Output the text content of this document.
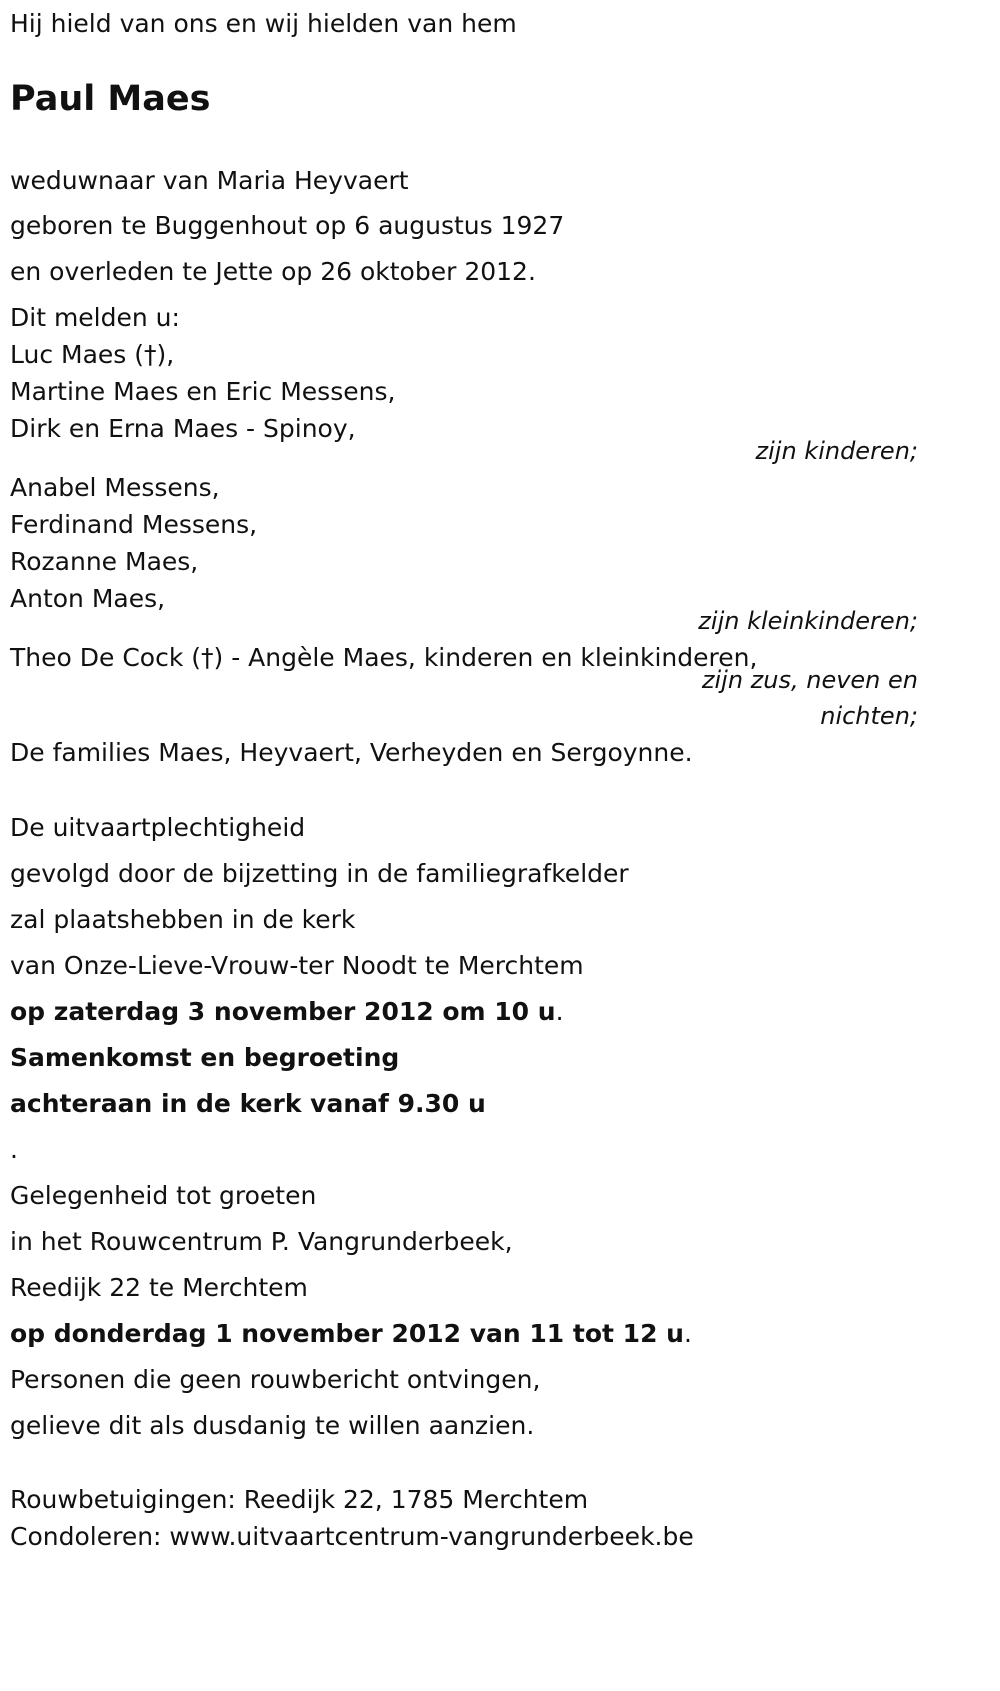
Hij hield van ons en wij hielden van hem
Paul Maes
weduwnaar van Maria Heyvaert
geboren te Buggenhout op 6 augustus 1927
en overleden te Jette op 26 oktober 2012.
Dit melden u:
Luc Maes (†),
Martine Maes en Eric Messens,
Dirk en Erna Maes - Spinoy,
zijn kinderen;
Anabel Messens,
Ferdinand Messens,
Rozanne Maes,
Anton Maes,
zijn kleinkinderen;
Theo De Cock (†) - Angèle Maes, kinderen en kleinkinderen,
zijn zus, neven en
nichten;
De families Maes, Heyvaert, Verheyden en Sergoynne.
De uitvaartplechtigheid
gevolgd door de bijzetting in de familiegrafkelder
zal plaatshebben in de kerk
van Onze-Lieve-Vrouw-ter Noodt te Merchtem
op zaterdag 3 november 2012 om 10 u.
Samenkomst en begroeting
achteraan in de kerk vanaf 9.30 u
.
Gelegenheid tot groeten
in het Rouwcentrum P. Vangrunderbeek,
Reedijk 22 te Merchtem
op donderdag 1 november 2012 van 11 tot 12 u.
Personen die geen rouwbericht ontvingen,
gelieve dit als dusdanig te willen aanzien.
Rouwbetuigingen: Reedijk 22, 1785 Merchtem
Condoleren: www.uitvaartcentrum-vangrunderbeek.be
